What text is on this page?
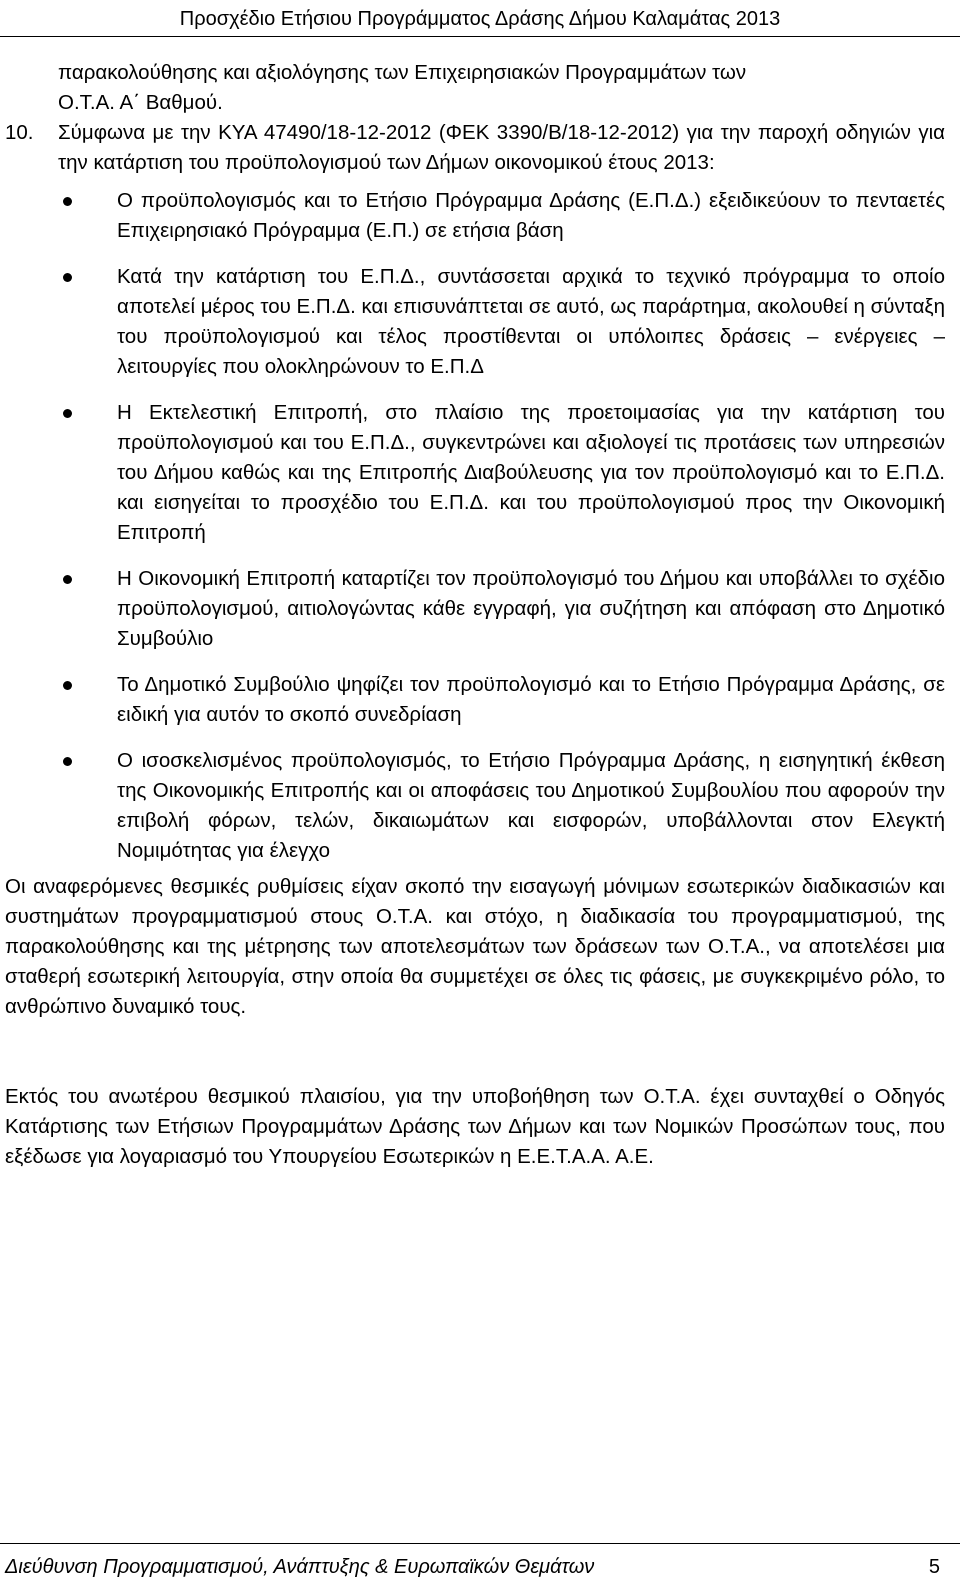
Προσχέδιο Ετήσιου Προγράμματος Δράσης Δήμου Καλαμάτας 2013

παρακολούθησης και αξιολόγησης των Επιχειρησιακών Προγραμμάτων των

Ο.Τ.Α. Α΄ Βαθμού.

10. Σύμφωνα με την ΚΥΑ 47490/18-12-2012 (ΦΕΚ 3390/Β/18-12-2012) για την παροχή οδηγιών για την κατάρτιση του προϋπολογισμού των Δήμων οικονομικού έτους 2013:
Ο προϋπολογισμός και το Ετήσιο Πρόγραμμα Δράσης (Ε.Π.Δ.) εξειδικεύουν το πενταετές Επιχειρησιακό Πρόγραμμα (Ε.Π.) σε ετήσια βάση
Κατά την κατάρτιση του Ε.Π.Δ., συντάσσεται αρχικά το τεχνικό πρόγραμμα το οποίο αποτελεί μέρος του Ε.Π.Δ. και επισυνάπτεται σε αυτό, ως παράρτημα, ακολουθεί η σύνταξη του προϋπολογισμού και τέλος προστίθενται οι υπόλοιπες δράσεις – ενέργειες – λειτουργίες που ολοκληρώνουν το Ε.Π.Δ
Η Εκτελεστική Επιτροπή, στο πλαίσιο της προετοιμασίας για την κατάρτιση του προϋπολογισμού και του Ε.Π.Δ., συγκεντρώνει και αξιολογεί τις προτάσεις των υπηρεσιών του Δήμου καθώς και της Επιτροπής Διαβούλευσης για τον προϋπολογισμό και το Ε.Π.Δ. και εισηγείται το προσχέδιο του Ε.Π.Δ. και του προϋπολογισμού προς την Οικονομική Επιτροπή
Η Οικονομική Επιτροπή καταρτίζει τον προϋπολογισμό του Δήμου και υποβάλλει το σχέδιο προϋπολογισμού, αιτιολογώντας κάθε εγγραφή, για συζήτηση και απόφαση στο Δημοτικό Συμβούλιο
Το Δημοτικό Συμβούλιο ψηφίζει τον προϋπολογισμό και το Ετήσιο Πρόγραμμα Δράσης, σε ειδική για αυτόν το σκοπό συνεδρίαση
Ο ισοσκελισμένος προϋπολογισμός, το Ετήσιο Πρόγραμμα Δράσης, η εισηγητική έκθεση της Οικονομικής Επιτροπής και οι αποφάσεις του Δημοτικού Συμβουλίου που αφορούν την επιβολή φόρων, τελών, δικαιωμάτων και εισφορών, υποβάλλονται στον Ελεγκτή Νομιμότητας για έλεγχο

Οι αναφερόμενες θεσμικές ρυθμίσεις είχαν σκοπό την εισαγωγή μόνιμων εσωτερικών διαδικασιών και συστημάτων προγραμματισμού στους Ο.Τ.Α. και στόχο, η διαδικασία του προγραμματισμού, της παρακολούθησης και της μέτρησης των αποτελεσμάτων των δράσεων των Ο.Τ.Α., να αποτελέσει μια σταθερή εσωτερική λειτουργία, στην οποία θα συμμετέχει σε όλες τις φάσεις, με συγκεκριμένο ρόλο, το ανθρώπινο δυναμικό τους.

Εκτός του ανωτέρου θεσμικού πλαισίου, για την υποβοήθηση των Ο.Τ.Α. έχει συνταχθεί ο Οδηγός Κατάρτισης των Ετήσιων Προγραμμάτων Δράσης των Δήμων και των Νομικών Προσώπων τους, που εξέδωσε για λογαριασμό του Υπουργείου Εσωτερικών η Ε.Ε.Τ.Α.Α. Α.Ε.

Διεύθυνση Προγραμματισμού, Ανάπτυξης & Ευρωπαϊκών Θεμάτων	5
